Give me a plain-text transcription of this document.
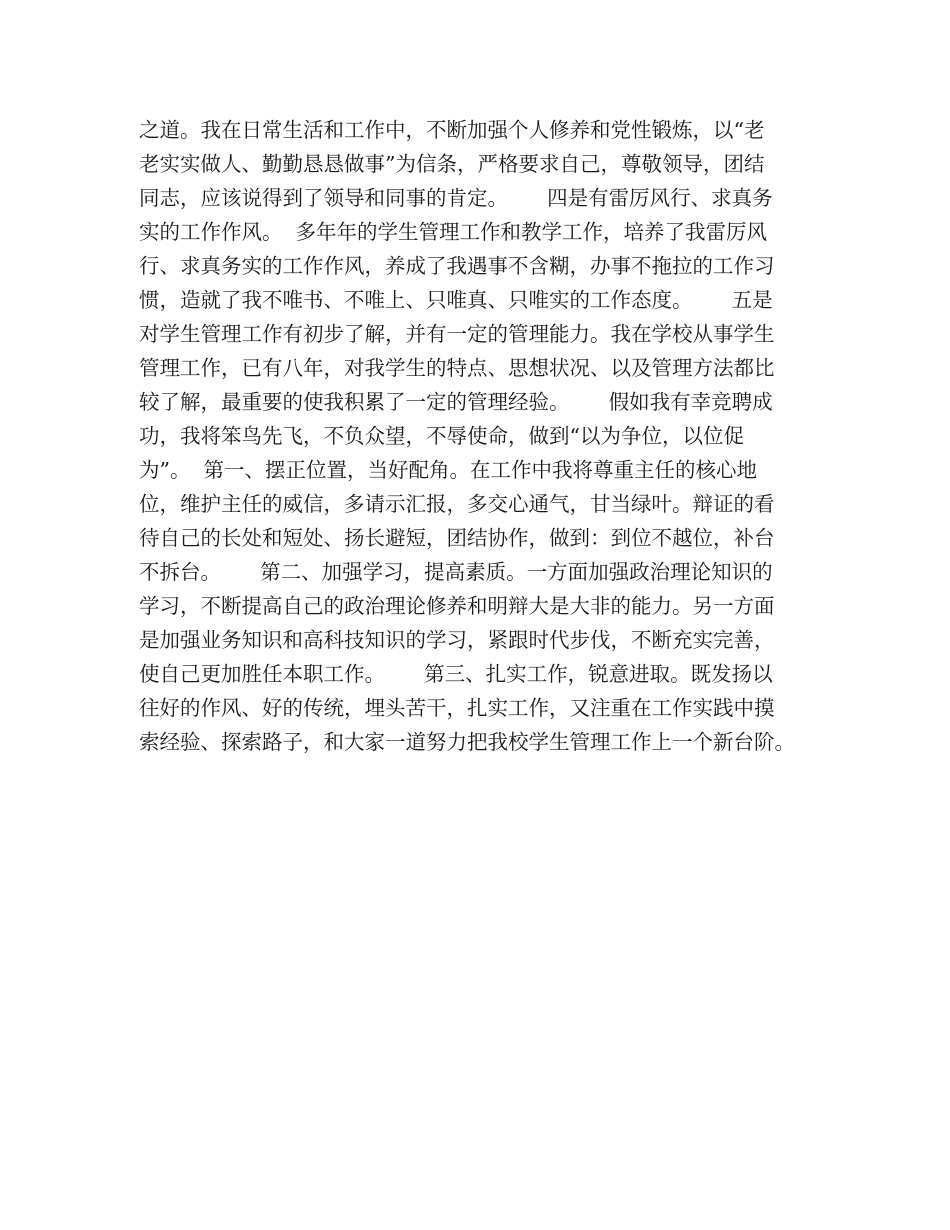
之道。我在日常生活和工作中，不断加强个人修养和党性锻炼，以“老
老实实做人、勤勤恳恳做事”为信条，严格要求自己，尊敬领导，团结
同志，应该说得到了领导和同事的肯定。      四是有雷厉风行、求真务
实的工作作风。  多年年的学生管理工作和教学工作，培养了我雷厉风
行、求真务实的工作作风，养成了我遇事不含糊，办事不拖拉的工作习
惯，造就了我不唯书、不唯上、只唯真、只唯实的工作态度。      五是
对学生管理工作有初步了解，并有一定的管理能力。我在学校从事学生
管理工作，已有八年，对我学生的特点、思想状况、以及管理方法都比
较了解，最重要的使我积累了一定的管理经验。      假如我有幸竞聘成
功，我将笨鸟先飞，不负众望，不辱使命，做到“以为争位，以位促
为”。  第一、摆正位置，当好配角。在工作中我将尊重主任的核心地
位，维护主任的威信，多请示汇报，多交心通气，甘当绿叶。辩证的看
待自己的长处和短处、扬长避短，团结协作，做到：到位不越位，补台
不拆台。      第二、加强学习，提高素质。一方面加强政治理论知识的
学习，不断提高自己的政治理论修养和明辩大是大非的能力。另一方面
是加强业务知识和高科技知识的学习，紧跟时代步伐，不断充实完善，
使自己更加胜任本职工作。      第三、扎实工作，锐意进取。既发扬以
往好的作风、好的传统，埋头苦干，扎实工作，又注重在工作实践中摸
索经验、探索路子，和大家一道努力把我校学生管理工作上一个新台阶。
